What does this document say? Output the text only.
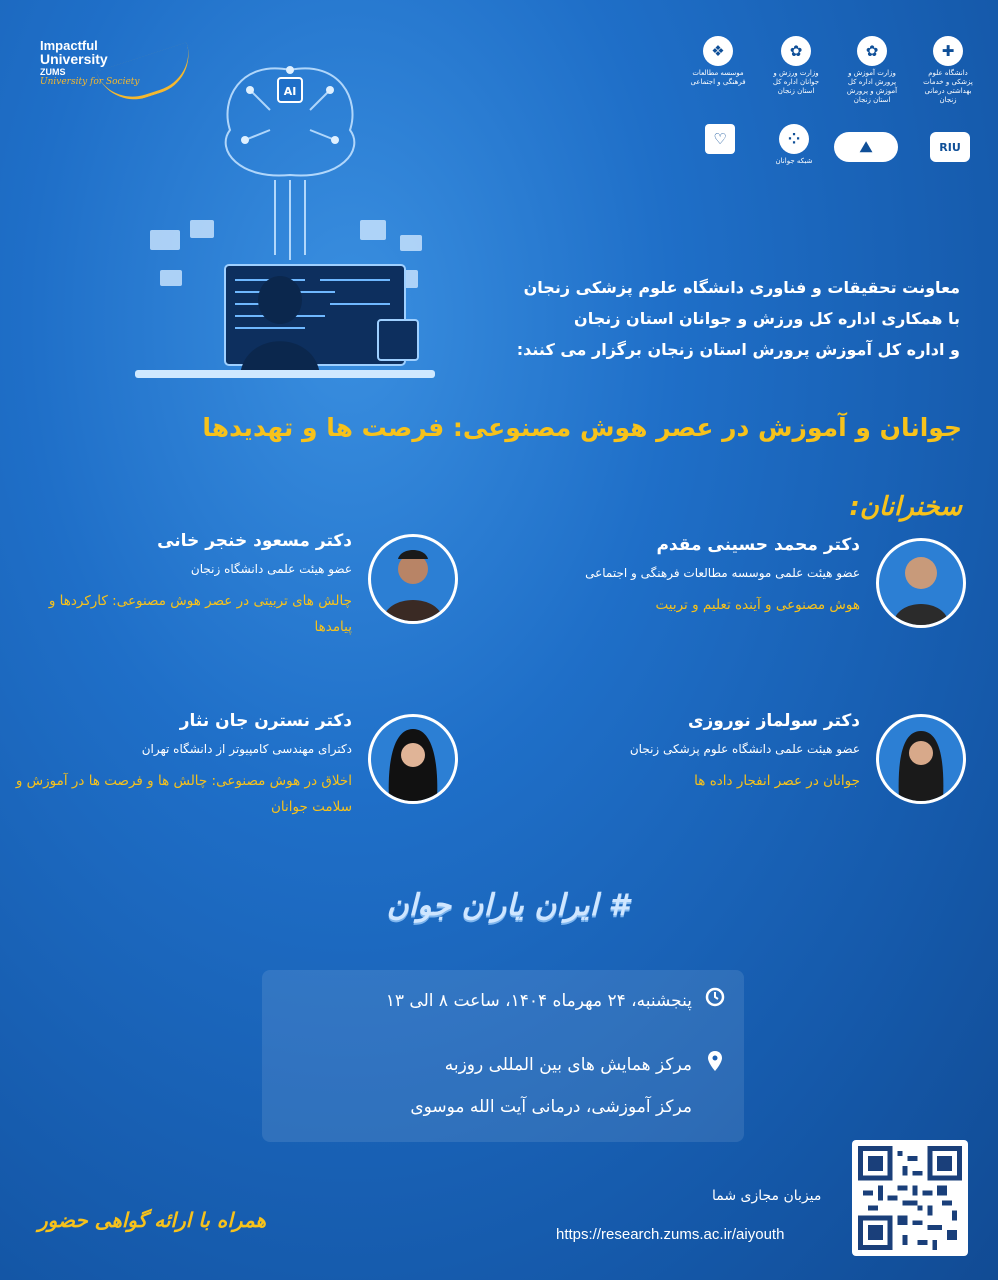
Impactful
University
ZUMS
University for Society
✚
دانشگاه علوم پزشکی و خدمات بهداشتی درمانی زنجان
✿
وزارت آموزش و پرورش اداره کل آموزش و پرورش استان زنجان
✿
وزارت ورزش و جوانان اداره کل استان زنجان
❖
موسسه مطالعات فرهنگی و اجتماعی
RIU
⛰
⁘
شبکه جوانان
♡
AI
معاونت تحقیقات و فناوری دانشگاه علوم پزشکی زنجان
با همکاری اداره کل ورزش و جوانان استان زنجان
و اداره کل آموزش پرورش استان زنجان برگزار می کنند:
جوانان و آموزش در عصر هوش مصنوعی: فرصت ها و تهدیدها
سخنرانان:
دکتر محمد حسینی مقدم
عضو هیئت علمی موسسه مطالعات فرهنگی و اجتماعی
هوش مصنوعی و آینده تعلیم و تربیت
دکتر سولماز نوروزی
عضو هیئت علمی دانشگاه علوم پزشکی زنجان
جوانان در عصر انفجار داده ها
دکتر مسعود خنجر خانی
عضو هیئت علمی دانشگاه زنجان
چالش های تربیتی در عصر هوش مصنوعی: کارکردها و پیامدها
دکتر نسترن جان نثار
دکترای مهندسی کامپیوتر از دانشگاه تهران
اخلاق در هوش مصنوعی: چالش ها و فرصت ها در آموزش و سلامت جوانان
# ایران یاران جوان
پنجشنبه، ۲۴ مهرماه ۱۴۰۴، ساعت ۸ الی ۱۳
مرکز همایش های بین المللی روزبه
مرکز آموزشی، درمانی آیت الله موسوی
همراه با ارائه گواهی حضور
میزبان مجازی شما
https://research.zums.ac.ir/aiyouth
